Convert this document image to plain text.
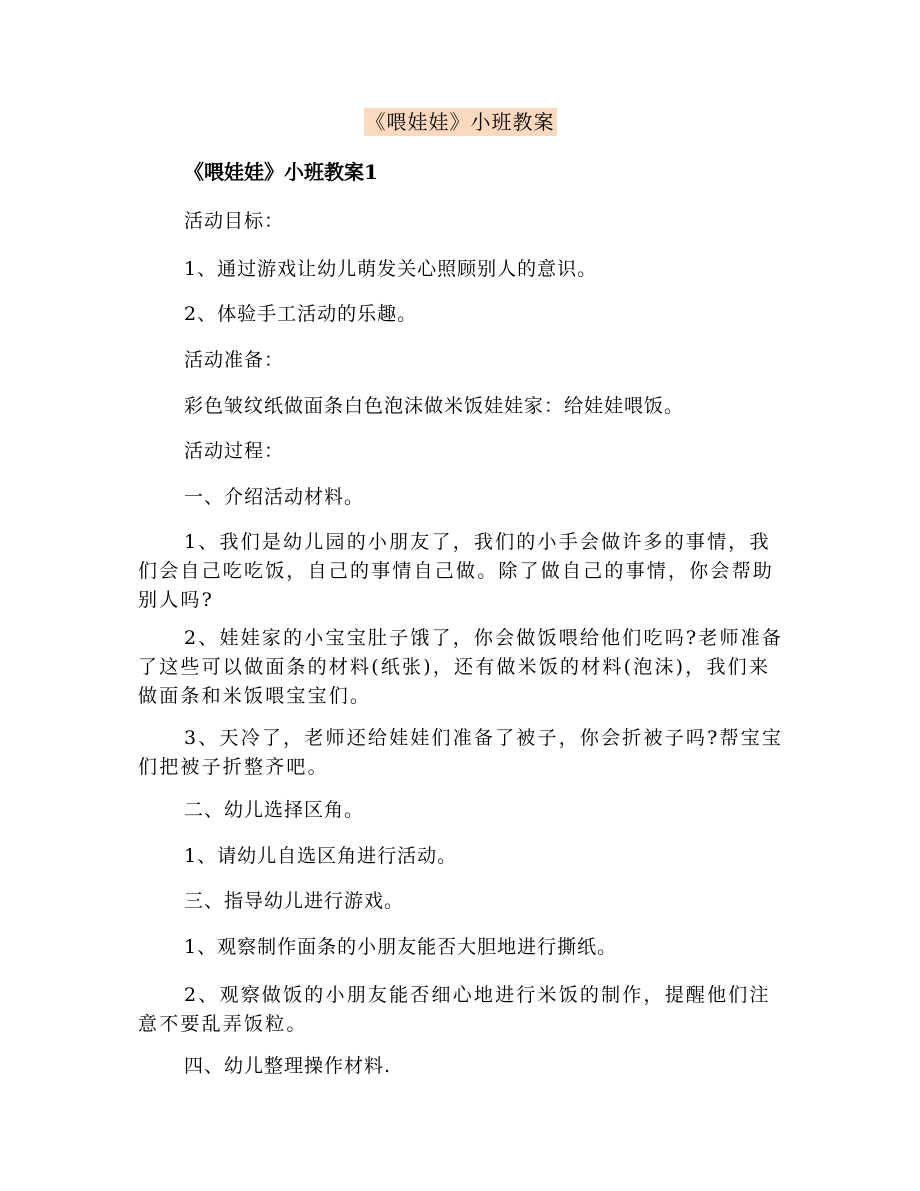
《喂娃娃》小班教案
《喂娃娃》小班教案1

活动目标：

1、通过游戏让幼儿萌发关心照顾别人的意识。

2、体验手工活动的乐趣。

活动准备：

彩色皱纹纸做面条白色泡沫做米饭娃娃家：给娃娃喂饭。

活动过程：

一、介绍活动材料。

1、我们是幼儿园的小朋友了，我们的小手会做许多的事情，我们会自己吃吃饭，自己的事情自己做。除了做自己的事情，你会帮助别人吗?

2、娃娃家的小宝宝肚子饿了，你会做饭喂给他们吃吗?老师准备了这些可以做面条的材料(纸张)，还有做米饭的材料(泡沫)，我们来做面条和米饭喂宝宝们。

3、天冷了，老师还给娃娃们准备了被子，你会折被子吗?帮宝宝们把被子折整齐吧。

二、幼儿选择区角。

1、请幼儿自选区角进行活动。

三、指导幼儿进行游戏。

1、观察制作面条的小朋友能否大胆地进行撕纸。

2、观察做饭的小朋友能否细心地进行米饭的制作，提醒他们注意不要乱弄饭粒。

四、幼儿整理操作材料.
